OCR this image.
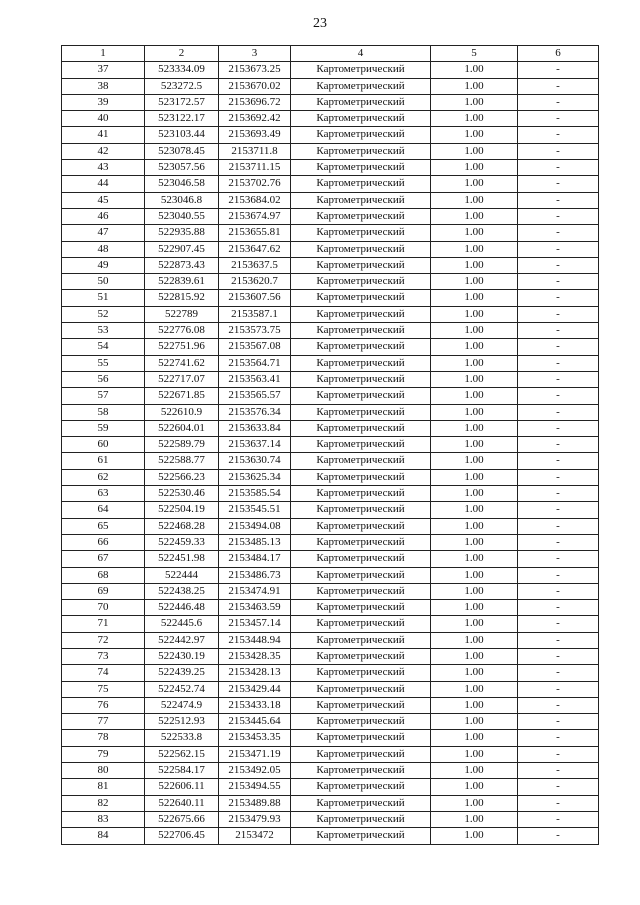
23
1	2	3	4	5	6
37	523334.09	2153673.25	Картометрический	1.00	-
38	523272.5	2153670.02	Картометрический	1.00	-
39	523172.57	2153696.72	Картометрический	1.00	-
40	523122.17	2153692.42	Картометрический	1.00	-
41	523103.44	2153693.49	Картометрический	1.00	-
42	523078.45	2153711.8	Картометрический	1.00	-
43	523057.56	2153711.15	Картометрический	1.00	-
44	523046.58	2153702.76	Картометрический	1.00	-
45	523046.8	2153684.02	Картометрический	1.00	-
46	523040.55	2153674.97	Картометрический	1.00	-
47	522935.88	2153655.81	Картометрический	1.00	-
48	522907.45	2153647.62	Картометрический	1.00	-
49	522873.43	2153637.5	Картометрический	1.00	-
50	522839.61	2153620.7	Картометрический	1.00	-
51	522815.92	2153607.56	Картометрический	1.00	-
52	522789	2153587.1	Картометрический	1.00	-
53	522776.08	2153573.75	Картометрический	1.00	-
54	522751.96	2153567.08	Картометрический	1.00	-
55	522741.62	2153564.71	Картометрический	1.00	-
56	522717.07	2153563.41	Картометрический	1.00	-
57	522671.85	2153565.57	Картометрический	1.00	-
58	522610.9	2153576.34	Картометрический	1.00	-
59	522604.01	2153633.84	Картометрический	1.00	-
60	522589.79	2153637.14	Картометрический	1.00	-
61	522588.77	2153630.74	Картометрический	1.00	-
62	522566.23	2153625.34	Картометрический	1.00	-
63	522530.46	2153585.54	Картометрический	1.00	-
64	522504.19	2153545.51	Картометрический	1.00	-
65	522468.28	2153494.08	Картометрический	1.00	-
66	522459.33	2153485.13	Картометрический	1.00	-
67	522451.98	2153484.17	Картометрический	1.00	-
68	522444	2153486.73	Картометрический	1.00	-
69	522438.25	2153474.91	Картометрический	1.00	-
70	522446.48	2153463.59	Картометрический	1.00	-
71	522445.6	2153457.14	Картометрический	1.00	-
72	522442.97	2153448.94	Картометрический	1.00	-
73	522430.19	2153428.35	Картометрический	1.00	-
74	522439.25	2153428.13	Картометрический	1.00	-
75	522452.74	2153429.44	Картометрический	1.00	-
76	522474.9	2153433.18	Картометрический	1.00	-
77	522512.93	2153445.64	Картометрический	1.00	-
78	522533.8	2153453.35	Картометрический	1.00	-
79	522562.15	2153471.19	Картометрический	1.00	-
80	522584.17	2153492.05	Картометрический	1.00	-
81	522606.11	2153494.55	Картометрический	1.00	-
82	522640.11	2153489.88	Картометрический	1.00	-
83	522675.66	2153479.93	Картометрический	1.00	-
84	522706.45	2153472	Картометрический	1.00	-
